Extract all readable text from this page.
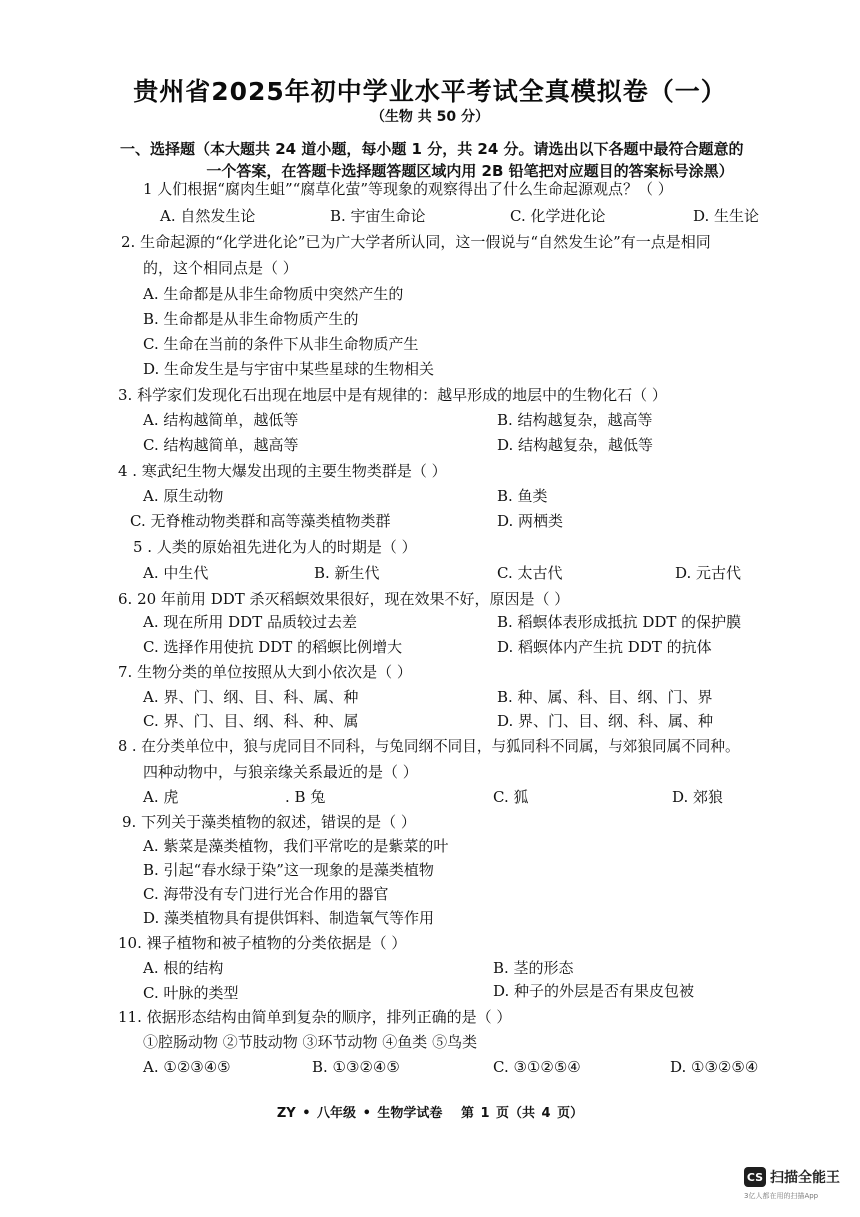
贵州省2025年初中学业水平考试全真模拟卷（一）
（生物 共 50 分）
一、选择题（本大题共 24 道小题，每小题 1 分，共 24 分。请选出以下各题中最符合题意的
一个答案，在答题卡选择题答题区域内用 2B 铅笔把对应题目的答案标号涂黑）
1 人们根据“腐肉生蛆”“腐草化萤”等现象的观察得出了什么生命起源观点？（ ）
A. 自然发生论	B. 宇宙生命论	C. 化学进化论	D. 生生论
2. 生命起源的“化学进化论”已为广大学者所认同，这一假说与“自然发生论”有一点是相同
的，这个相同点是（ ）
A. 生命都是从非生命物质中突然产生的
B. 生命都是从非生命物质产生的
C. 生命在当前的条件下从非生命物质产生
D. 生命发生是与宇宙中某些星球的生物相关
3. 科学家们发现化石出现在地层中是有规律的：越早形成的地层中的生物化石（ ）
A. 结构越简单，越低等	B. 结构越复杂，越高等
C. 结构越简单，越高等	D. 结构越复杂，越低等
4 . 寒武纪生物大爆发出现的主要生物类群是（ ）
A. 原生动物	B. 鱼类
C. 无脊椎动物类群和高等藻类植物类群	D. 两栖类
5 . 人类的原始祖先进化为人的时期是（ ）
A. 中生代	B. 新生代	C. 太古代	D. 元古代
6. 20 年前用 DDT 杀灭稻螟效果很好，现在效果不好，原因是（ ）
A. 现在所用 DDT 品质较过去差	B. 稻螟体表形成抵抗 DDT 的保护膜
C. 选择作用使抗 DDT 的稻螟比例增大	D. 稻螟体内产生抗 DDT 的抗体
7. 生物分类的单位按照从大到小依次是（ ）
A. 界、门、纲、目、科、属、种	B. 种、属、科、目、纲、门、界
C. 界、门、目、纲、科、种、属	D. 界、门、目、纲、科、属、种
8 . 在分类单位中，狼与虎同目不同科，与兔同纲不同目，与狐同科不同属，与郊狼同属不同种。
四种动物中，与狼亲缘关系最近的是（ ）
A. 虎	. B 兔	C. 狐	D. 郊狼
9. 下列关于藻类植物的叙述，错误的是（ ）
A. 紫菜是藻类植物，我们平常吃的是紫菜的叶
B. 引起“春水绿于染”这一现象的是藻类植物
C. 海带没有专门进行光合作用的器官
D. 藻类植物具有提供饵料、制造氧气等作用
10. 裸子植物和被子植物的分类依据是（ ）
A. 根的结构	B. 茎的形态
C. 叶脉的类型	D. 种子的外层是否有果皮包被
11. 依据形态结构由简单到复杂的顺序，排列正确的是（ ）
①腔肠动物 ②节肢动物 ③环节动物 ④鱼类 ⑤鸟类
A. ①②③④⑤	B. ①③②④⑤	C. ③①②⑤④	D. ①③②⑤④
ZY • 八年级 • 生物学试卷 第 1 页（共 4 页）
CS 扫描全能王
3亿人都在用的扫描App
